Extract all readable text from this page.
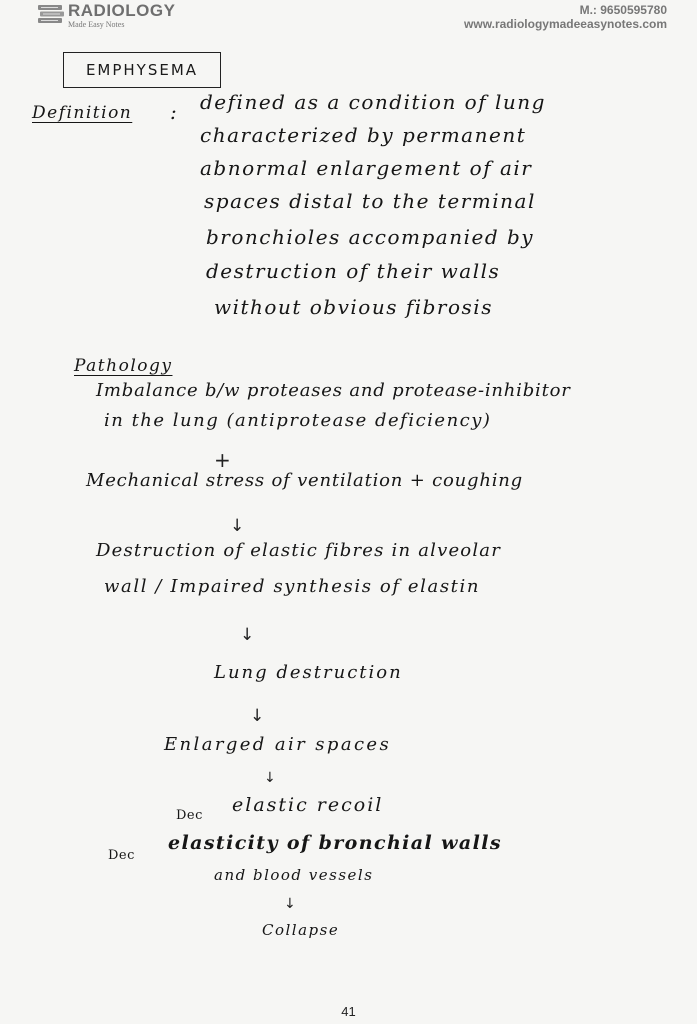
RADIOLOGY
Made Easy Notes
M.: 9650595780
www.radiologymadeeasynotes.com
EMPHYSEMA
Definition : defined as a condition of lung
characterized by permanent
abnormal enlargement of air
spaces distal to the terminal
bronchioles accompanied by
destruction of their walls
without obvious fibrosis
Pathology
Imbalance b/w proteases and protease-inhibitor
in the lung (antiprotease deficiency)
+
Mechanical stress of ventilation + coughing
↓
Destruction of elastic fibres in alveolar
wall / Impaired synthesis of elastin
↓
Lung destruction
↓
Enlarged air spaces
↓
Dec elastic recoil
Dec
elasticity of bronchial walls
and blood vessels
↓
Collapse
41
